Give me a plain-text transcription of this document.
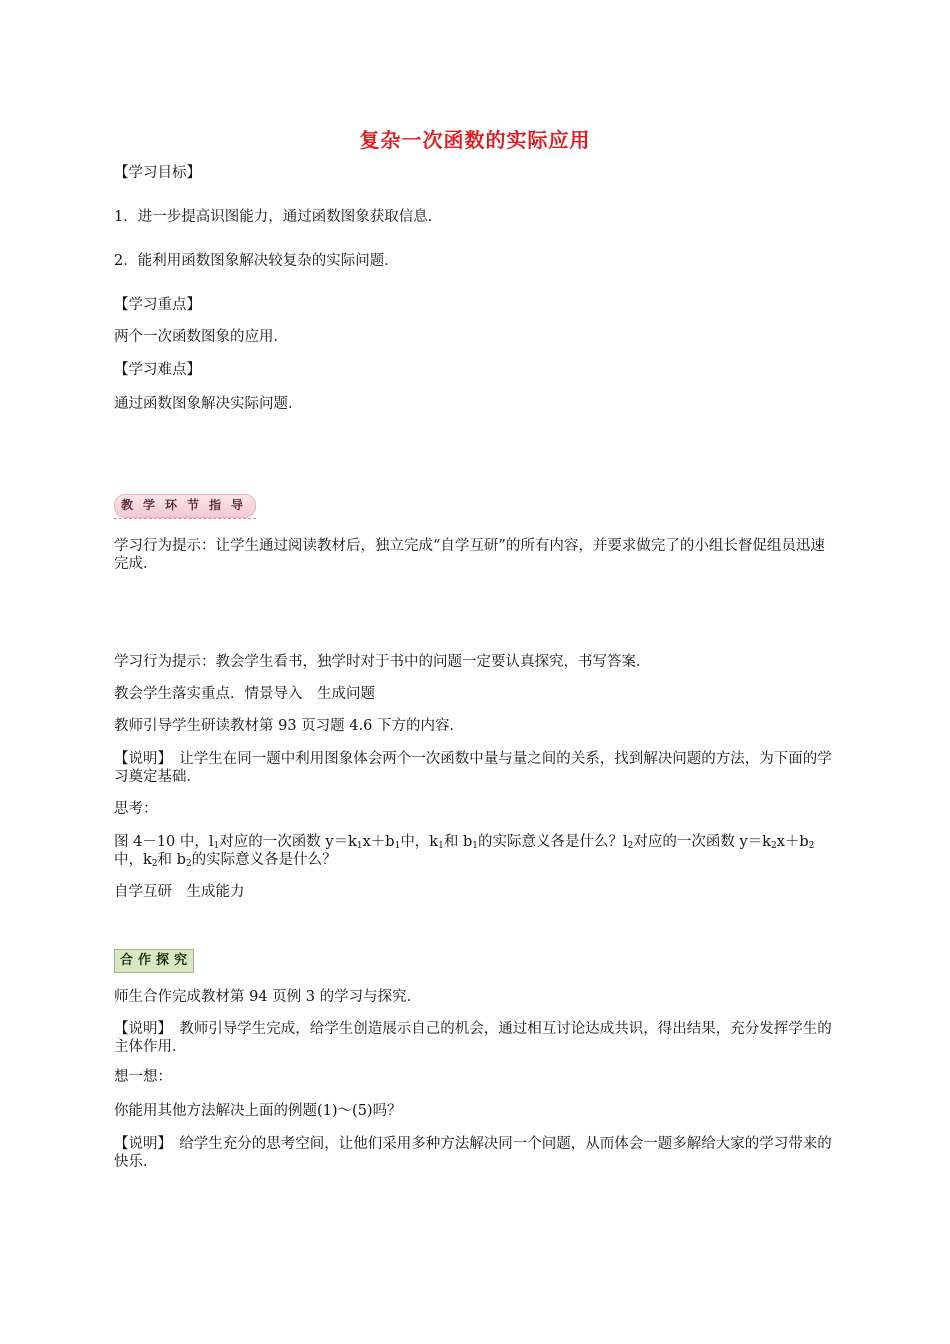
复杂一次函数的实际应用
【学习目标】
1．进一步提高识图能力，通过函数图象获取信息．
2．能利用函数图象解决较复杂的实际问题．
【学习重点】
两个一次函数图象的应用．
【学习难点】
通过函数图象解决实际问题．
教 学 环 节 指 导
学习行为提示：让学生通过阅读教材后，独立完成“自学互研”的所有内容，并要求做完了的小组长督促组员迅速完成．
学习行为提示：教会学生看书，独学时对于书中的问题一定要认真探究，书写答案．
教会学生落实重点．情景导入　生成问题
教师引导学生研读教材第 93 页习题 4.6 下方的内容．
【说明】　让学生在同一题中利用图象体会两个一次函数中量与量之间的关系，找到解决问题的方法，为下面的学习奠定基础．
思考：
图 4－10 中，$l_1$对应的一次函数 $y=k_1x+b_1$中，$k_1$和 $b_1$的实际意义各是什么？$l_2$对应的一次函数 $y=k_2x+b_2$中，$k_2$和 $b_2$的实际意义各是什么？
自学互研　生成能力
合 作 探 究
师生合作完成教材第 94 页例 3 的学习与探究．
【说明】　教师引导学生完成，给学生创造展示自己的机会，通过相互讨论达成共识，得出结果，充分发挥学生的主体作用．
想一想：
你能用其他方法解决上面的例题(1)～(5)吗？
【说明】　给学生充分的思考空间，让他们采用多种方法解决同一个问题，从而体会一题多解给大家的学习带来的快乐．
